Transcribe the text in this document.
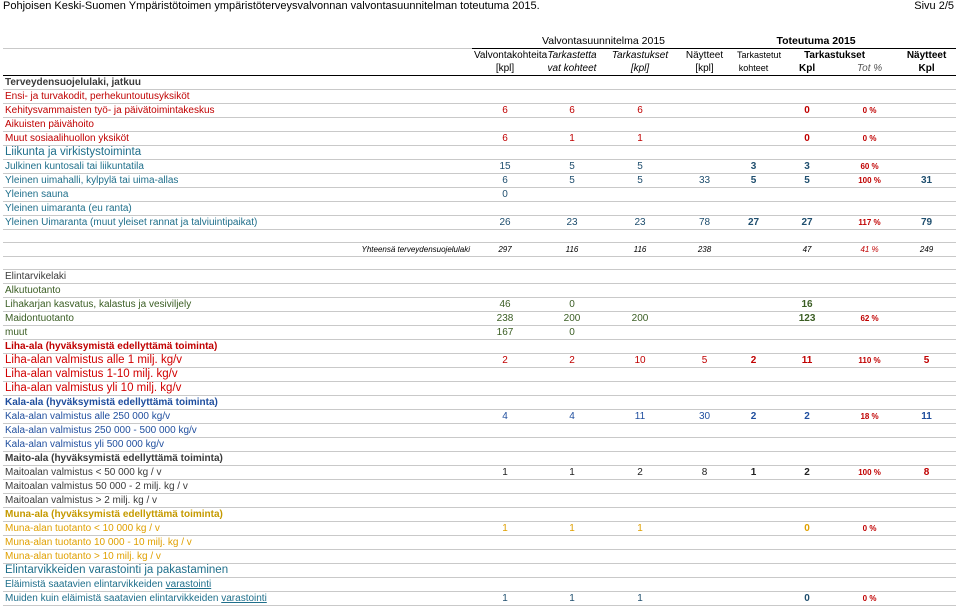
Pohjoisen Keski-Suomen Ympäristötoimen ympäristöterveysvalvonnan valvontasuunnitelman toteutuma 2015.	Sivu 2/5
	Valvontasuunnitelma 2015				Toteutuma 2015			
	Valvontakohteita	Tarkastetta	Tarkastukset	Näytteet	Tarkastetut	Tarkastukset		Näytteet
	[kpl]	vat kohteet	[kpl]	[kpl]	kohteet	Kpl	Tot %	Kpl
Terveydensuojelulaki, jatkuu								
Ensi- ja turvakodit, perhekuntoutusyksiköt								
Kehitysvammaisten työ- ja päivätoimintakeskus	6	6	6			0	0 %	
Aikuisten päivähoito								
Muut sosiaalihuollon yksiköt	6	1	1			0	0 %	
Liikunta ja virkistystoiminta								
Julkinen kuntosali tai liikuntatila	15	5	5		3	3	60 %	
Yleinen uimahalli, kylpylä tai uima-allas	6	5	5	33	5	5	100 %	31
Yleinen sauna	0							
Yleinen uimaranta (eu ranta)								
Yleinen Uimaranta (muut yleiset rannat ja talviuintipaikat)	26	23	23	78	27	27	117 %	79

Yhteensä terveydensuojelulaki	297	116	116	238		47	41 %	249

Elintarvikelaki								
Alkutuotanto								
Lihakarjan kasvatus, kalastus ja vesiviljely	46	0				16		
Maidontuotanto	238	200	200			123	62 %	
muut	167	0						
Liha-ala (hyväksymistä edellyttämä toiminta)								
Liha-alan valmistus alle 1 milj. kg/v	2	2	10	5	2	11	110 %	5
Liha-alan valmistus 1-10 milj. kg/v								
Liha-alan valmistus yli 10 milj. kg/v								
Kala-ala (hyväksymistä edellyttämä toiminta)								
Kala-alan valmistus alle 250 000 kg/v	4	4	11	30	2	2	18 %	11
Kala-alan valmistus 250 000 - 500 000 kg/v								
Kala-alan valmistus yli 500 000 kg/v								
Maito-ala (hyväksymistä edellyttämä toiminta)								
Maitoalan valmistus < 50 000 kg / v	1	1	2	8	1	2	100 %	8
Maitoalan valmistus 50 000 - 2 milj. kg / v								
Maitoalan valmistus > 2 milj. kg / v								
Muna-ala (hyväksymistä edellyttämä toiminta)								
Muna-alan tuotanto < 10 000 kg / v	1	1	1			0	0 %	
Muna-alan tuotanto 10 000 - 10 milj. kg / v								
Muna-alan tuotanto > 10 milj. kg / v								
Elintarvikkeiden varastointi ja pakastaminen								
Eläimistä saatavien elintarvikkeiden varastointi								
Muiden kuin eläimistä saatavien elintarvikkeiden varastointi	1	1	1			0	0 %	
